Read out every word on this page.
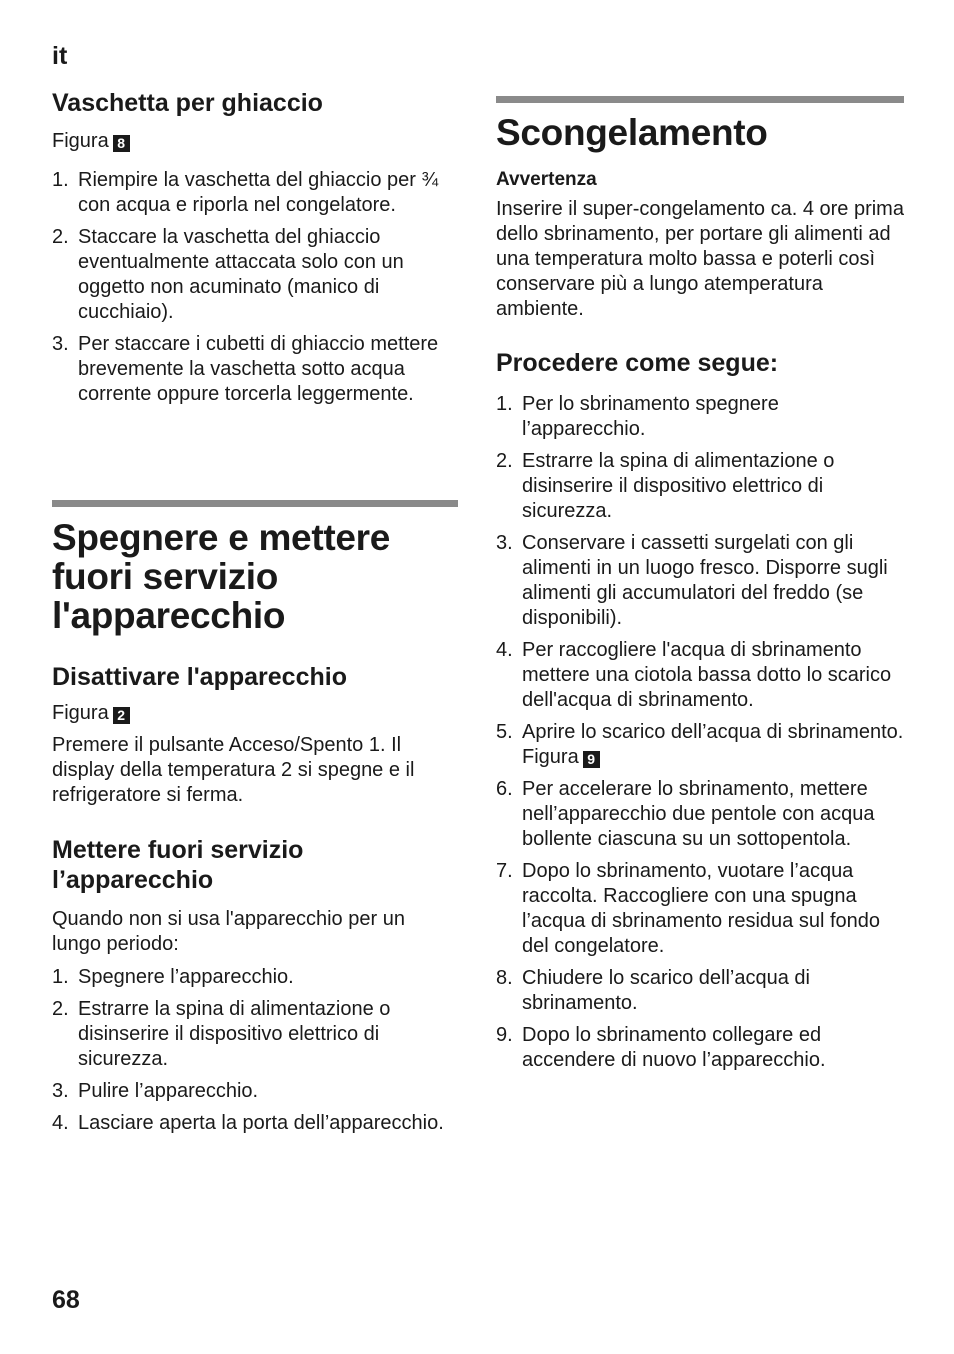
it
Vaschetta per ghiaccio

Figura 8

1. Riempire la vaschetta del ghiaccio per ¾ con acqua e riporla nel congelatore.
2. Staccare la vaschetta del ghiaccio eventualmente attaccata solo con un oggetto non acuminato (manico di cucchiaio).
3. Per staccare i cubetti di ghiaccio mettere brevemente la vaschetta sotto acqua corrente oppure torcerla leggermente.
Spegnere e mettere fuori servizio l'apparecchio
Disattivare l'apparecchio

Figura 2

Premere il pulsante Acceso/Spento 1. Il display della temperatura 2 si spegne e il refrigeratore si ferma.

Mettere fuori servizio l’apparecchio

Quando non si usa l'apparecchio per un lungo periodo:

1. Spegnere l’apparecchio.
2. Estrarre la spina di alimentazione o disinserire il dispositivo elettrico di sicurezza.
3. Pulire l’apparecchio.
4. Lasciare aperta la porta dell’apparecchio.
Scongelamento
Avvertenza

Inserire il super-congelamento ca. 4 ore prima dello sbrinamento, per portare gli alimenti ad una temperatura molto bassa e poterli così conservare più a lungo atemperatura ambiente.

Procedere come segue:
1. Per lo sbrinamento spegnere l’apparecchio.
2. Estrarre la spina di alimentazione o disinserire il dispositivo elettrico di sicurezza.
3. Conservare i cassetti surgelati con gli alimenti in un luogo fresco. Disporre sugli alimenti gli accumulatori del freddo (se disponibili).
4. Per raccogliere l'acqua di sbrinamento mettere una ciotola bassa dotto lo scarico dell'acqua di sbrinamento.
5. Aprire lo scarico dell’acqua di sbrinamento. Figura 9
6. Per accelerare lo sbrinamento, mettere nell’apparecchio due pentole con acqua bollente ciascuna su un sottopentola.
7. Dopo lo sbrinamento, vuotare l’acqua raccolta. Raccogliere con una spugna l’acqua di sbrinamento residua sul fondo del congelatore.
8. Chiudere lo scarico dell’acqua di sbrinamento.
9. Dopo lo sbrinamento collegare ed accendere di nuovo l’apparecchio.
68
